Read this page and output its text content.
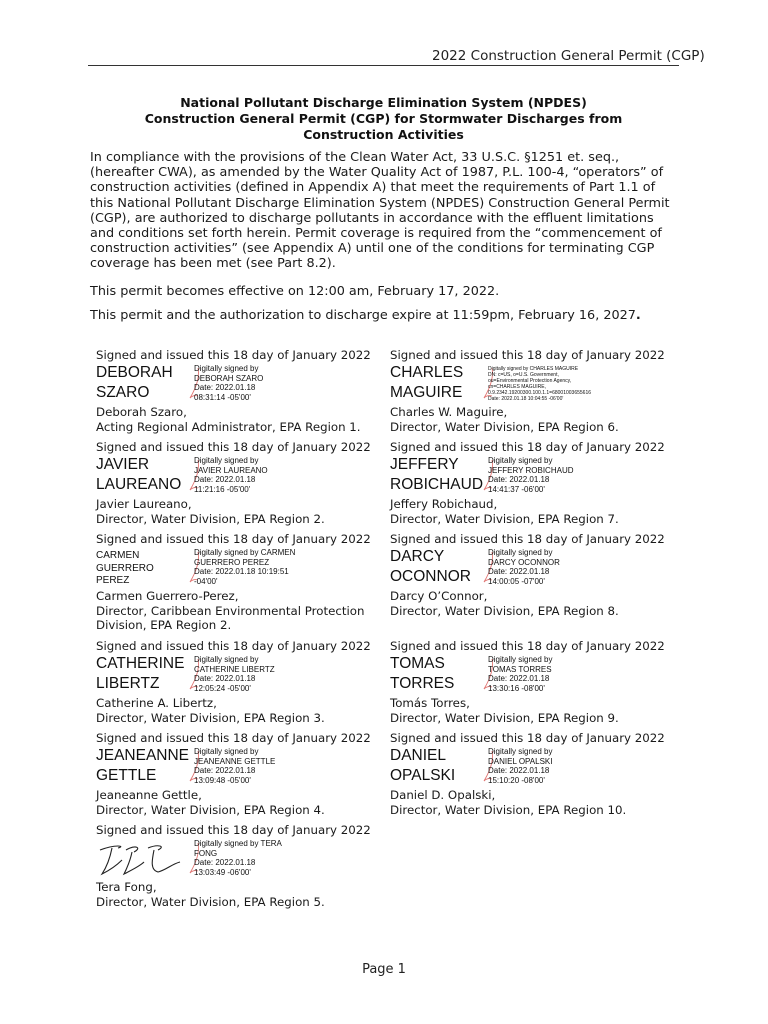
2022 Construction General Permit (CGP)
National Pollutant Discharge Elimination System (NPDES)
Construction General Permit (CGP) for Stormwater Discharges from
Construction Activities
In compliance with the provisions of the Clean Water Act, 33 U.S.C. §1251 et. seq., (hereafter CWA), as amended by the Water Quality Act of 1987, P.L. 100-4, “operators” of construction activities (defined in Appendix A) that meet the requirements of Part 1.1 of this National Pollutant Discharge Elimination System (NPDES) Construction General Permit (CGP), are authorized to discharge pollutants in accordance with the effluent limitations and conditions set forth herein. Permit coverage is required from the “commencement of construction activities” (see Appendix A) until one of the conditions for terminating CGP coverage has been met (see Part 8.2).
This permit becomes effective on 12:00 am, February 17, 2022.
This permit and the authorization to discharge expire at 11:59pm, February 16, 2027.
Signed and issued this 18 day of January 2022
DEBORAH
SZARO
Digitally signed by
DEBORAH SZARO
Date: 2022.01.18
08:31:14 -05'00'
Deborah Szaro,
Acting Regional Administrator, EPA Region 1.
Signed and issued this 18 day of January 2022
CHARLES
MAGUIRE
Digitally signed by CHARLES MAGUIRE
DN: c=US, o=U.S. Government,
ou=Environmental Protection Agency,
cn=CHARLES MAGUIRE,
0.9.2342.19200300.100.1.1=68001003655616
Date: 2022.01.18 10:04:55 -06'00'
Charles W. Maguire,
Director, Water Division, EPA Region 6.
Signed and issued this 18 day of January 2022
JAVIER
LAUREANO
Digitally signed by
JAVIER LAUREANO
Date: 2022.01.18
11:21:16 -05'00'
Javier Laureano,
Director, Water Division, EPA Region 2.
Signed and issued this 18 day of January 2022
JEFFERY
ROBICHAUD
Digitally signed by
JEFFERY ROBICHAUD
Date: 2022.01.18
14:41:37 -06'00'
Jeffery Robichaud,
Director, Water Division, EPA Region 7.
Signed and issued this 18 day of January 2022
CARMEN
GUERRERO
PEREZ
Digitally signed by CARMEN
GUERRERO PEREZ
Date: 2022.01.18 10:19:51
-04'00'
Carmen Guerrero-Perez,
Director, Caribbean Environmental Protection
Division, EPA Region 2.
Signed and issued this 18 day of January 2022
DARCY
OCONNOR
Digitally signed by
DARCY OCONNOR
Date: 2022.01.18
14:00:05 -07'00'
Darcy O’Connor,
Director, Water Division, EPA Region 8.
Signed and issued this 18 day of January 2022
CATHERINE
LIBERTZ
Digitally signed by
CATHERINE LIBERTZ
Date: 2022.01.18
12:05:24 -05'00'
Catherine A. Libertz,
Director, Water Division, EPA Region 3.
Signed and issued this 18 day of January 2022
TOMAS
TORRES
Digitally signed by
TOMAS TORRES
Date: 2022.01.18
13:30:16 -08'00'
Tomás Torres,
Director, Water Division, EPA Region 9.
Signed and issued this 18 day of January 2022
JEANEANNE
GETTLE
Digitally signed by
JEANEANNE GETTLE
Date: 2022.01.18
13:09:48 -05'00'
Jeaneanne Gettle,
Director, Water Division, EPA Region 4.
Signed and issued this 18 day of January 2022
DANIEL
OPALSKI
Digitally signed by
DANIEL OPALSKI
Date: 2022.01.18
15:10:20 -08'00'
Daniel D. Opalski,
Director, Water Division, EPA Region 10.
Signed and issued this 18 day of January 2022
Digitally signed by TERA
FONG
Date: 2022.01.18
13:03:49 -06'00'
Tera Fong,
Director, Water Division, EPA Region 5.
Page 1
